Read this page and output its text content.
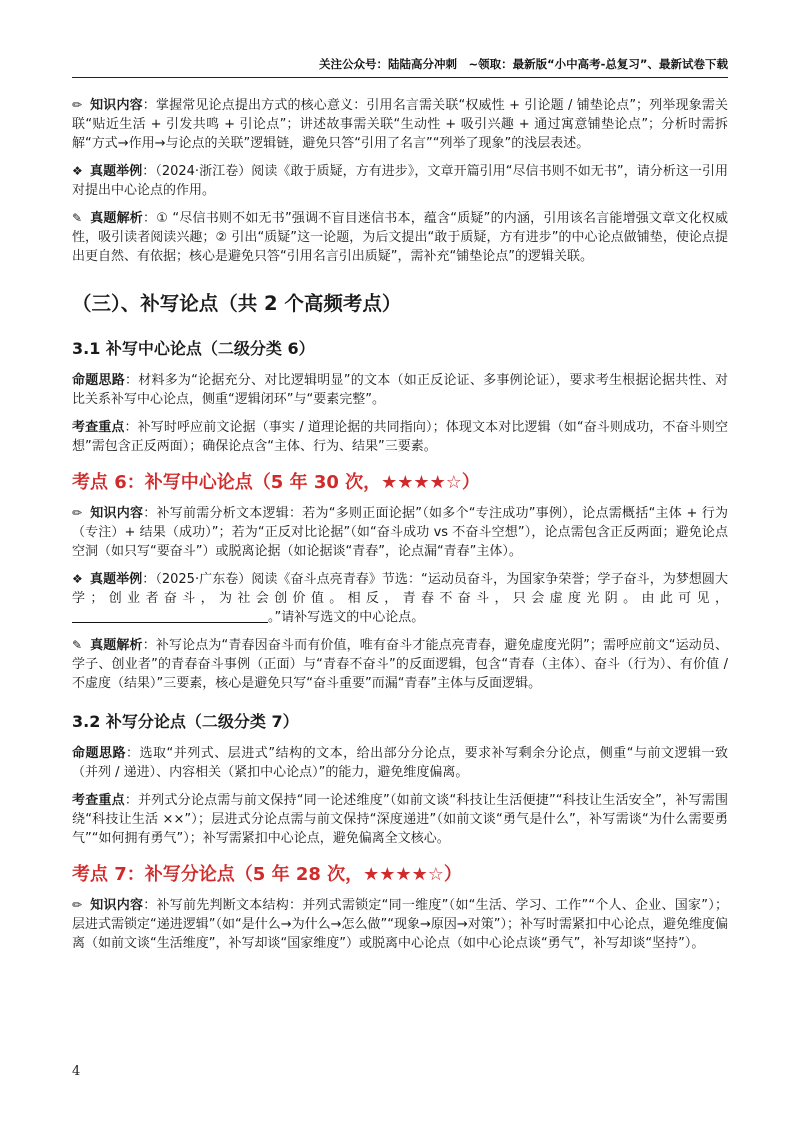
关注公众号：陆陆高分冲刺　~领取：最新版“小中高考-总复习”、最新试卷下载

✏ 知识内容：掌握常见论点提出方式的核心意义：引用名言需关联“权威性 + 引论题 / 铺垫论点”；列举现象需关联“贴近生活 + 引发共鸣 + 引论点”；讲述故事需关联“生动性 + 吸引兴趣 + 通过寓意铺垫论点”；分析时需拆解“方式→作用→与论点的关联”逻辑链，避免只答“引用了名言”“列举了现象”的浅层表述。

❖ 真题举例：（2024·浙江卷）阅读《敢于质疑，方有进步》，文章开篇引用“尽信书则不如无书”，请分析这一引用对提出中心论点的作用。

✎ 真题解析：① “尽信书则不如无书”强调不盲目迷信书本，蕴含“质疑”的内涵，引用该名言能增强文章文化权威性，吸引读者阅读兴趣；② 引出“质疑”这一论题，为后文提出“敢于质疑，方有进步”的中心论点做铺垫，使论点提出更自然、有依据；核心是避免只答“引用名言引出质疑”，需补充“铺垫论点”的逻辑关联。

（三）、补写论点（共 2 个高频考点）
3.1 补写中心论点（二级分类 6）

命题思路：材料多为“论据充分、对比逻辑明显”的文本（如正反论证、多事例论证），要求考生根据论据共性、对比关系补写中心论点，侧重“逻辑闭环”与“要素完整”。

考查重点：补写时呼应前文论据（事实 / 道理论据的共同指向）；体现文本对比逻辑（如“奋斗则成功，不奋斗则空想”需包含正反两面）；确保论点含“主体、行为、结果”三要素。

考点 6：补写中心论点（5 年 30 次，★★★★☆）

✏ 知识内容：补写前需分析文本逻辑：若为“多则正面论据”（如多个“专注成功”事例），论点需概括“主体 + 行为（专注）+ 结果（成功）”；若为“正反对比论据”（如“奋斗成功 vs 不奋斗空想”），论点需包含正反两面；避免论点空洞（如只写“要奋斗”）或脱离论据（如论据谈“青春”，论点漏“青春”主体）。

❖ 真题举例：（2025·广东卷）阅读《奋斗点亮青春》节选：“运动员奋斗，为国家争荣誉；学子奋斗，为梦想圆大学；创业者奋斗，为社会创价值。相反，青春不奋斗，只会虚度光阴。由此可见，。”请补写选文的中心论点。

✎ 真题解析：补写论点为“青春因奋斗而有价值，唯有奋斗才能点亮青春，避免虚度光阴”；需呼应前文“运动员、学子、创业者”的青春奋斗事例（正面）与“青春不奋斗”的反面逻辑，包含“青春（主体）、奋斗（行为）、有价值 / 不虚度（结果）”三要素，核心是避免只写“奋斗重要”而漏“青春”主体与反面逻辑。

3.2 补写分论点（二级分类 7）

命题思路：选取“并列式、层进式”结构的文本，给出部分分论点，要求补写剩余分论点，侧重“与前文逻辑一致（并列 / 递进）、内容相关（紧扣中心论点）”的能力，避免维度偏离。

考查重点：并列式分论点需与前文保持“同一论述维度”（如前文谈“科技让生活便捷”“科技让生活安全”，补写需围绕“科技让生活 ××”）；层进式分论点需与前文保持“深度递进”（如前文谈“勇气是什么”，补写需谈“为什么需要勇气”“如何拥有勇气”）；补写需紧扣中心论点，避免偏离全文核心。

考点 7：补写分论点（5 年 28 次，★★★★☆）

✏ 知识内容：补写前先判断文本结构：并列式需锁定“同一维度”（如“生活、学习、工作”“个人、企业、国家”）；层进式需锁定“递进逻辑”（如“是什么→为什么→怎么做”“现象→原因→对策”）；补写时需紧扣中心论点，避免维度偏离（如前文谈“生活维度”，补写却谈“国家维度”）或脱离中心论点（如中心论点谈“勇气”，补写却谈“坚持”）。

4
